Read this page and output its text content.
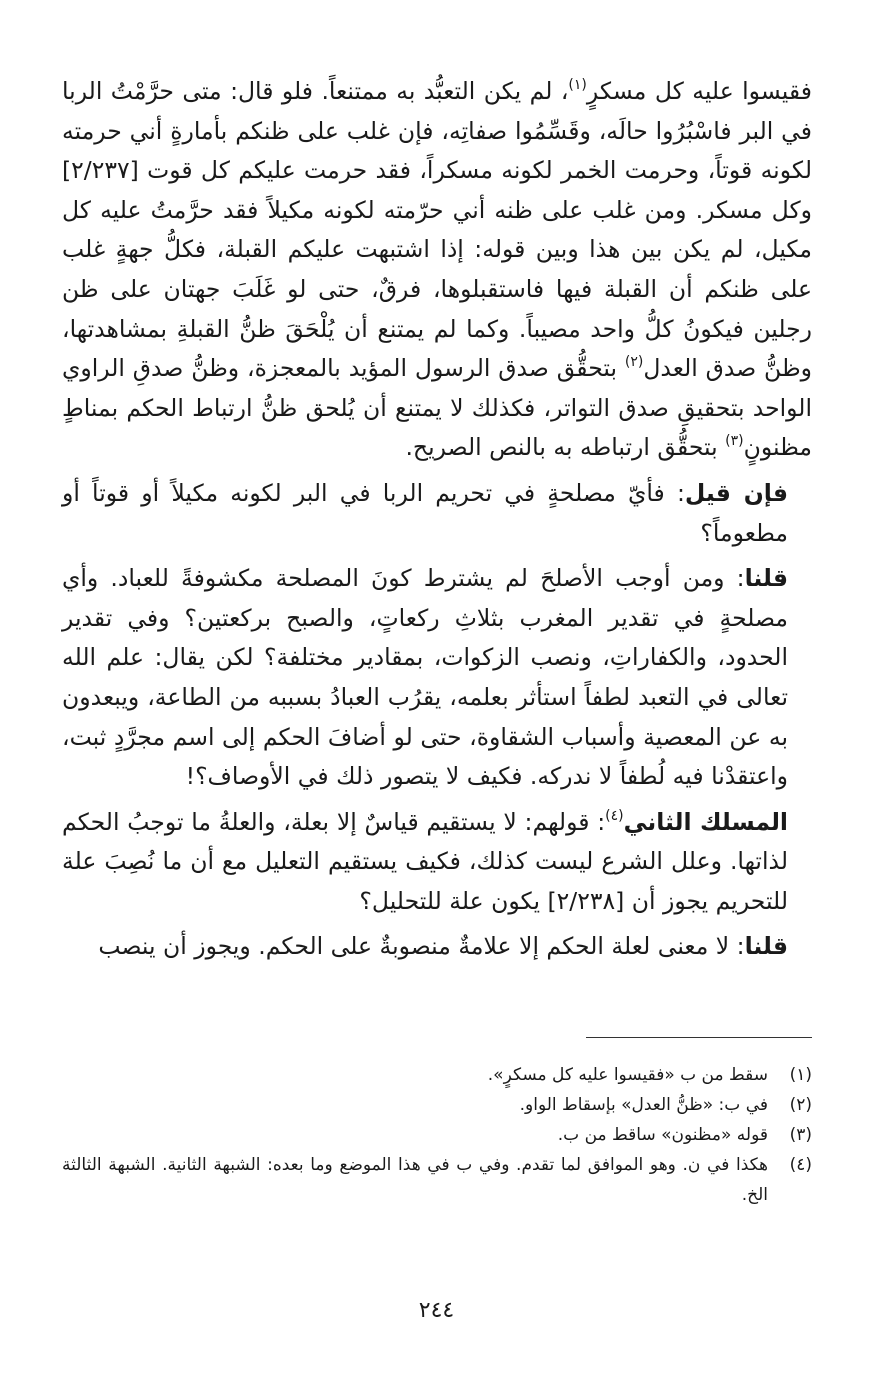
فقيسوا عليه كل مسكرٍ$^{(١)}$، لم يكن التعبُّد به ممتنعاً. فلو قال: متى حرَّمْتُ الربا في البر فاسْبُرُوا حالَه، وقَسِّمُوا صفاتِه، فإن غلب على ظنكم بأمارةٍ أني حرمته لكونه قوتاً، وحرمت الخمر لكونه مسكراً، فقد حرمت عليكم كل قوت [٢/٢٣٧] وكل مسكر. ومن غلب على ظنه أني حرّمته لكونه مكيلاً فقد حرَّمتُ عليه كل مكيل، لم يكن بين هذا وبين قوله: إذا اشتبهت عليكم القبلة، فكلُّ جهةٍ غلب على ظنكم أن القبلة فيها فاستقبلوها، فرقٌ، حتى لو غَلَبَ جهتان على ظن رجلين فيكونُ كلُّ واحد مصيباً. وكما لم يمتنع أن يُلْحَقَ ظنُّ القبلةِ بمشاهدتها، وظنُّ صدق العدل$^{(٢)}$ بتحقُّق صدق الرسول المؤيد بالمعجزة، وظنُّ صدقِ الراوي الواحد بتحقيقِ صدق التواتر، فكذلك لا يمتنع أن يُلحق ظنُّ ارتباط الحكم بمناطٍ مظنونٍ$^{(٣)}$ بتحقُّق ارتباطه به بالنص الصريح.

فإن قيل: فأيّ مصلحةٍ في تحريم الربا في البر لكونه مكيلاً أو قوتاً أو مطعوماً؟

قلنا: ومن أوجب الأصلحَ لم يشترط كونَ المصلحة مكشوفةً للعباد. وأي مصلحةٍ في تقدير المغرب بثلاثِ ركعاتٍ، والصبح بركعتين؟ وفي تقدير الحدود، والكفاراتِ، ونصب الزكوات، بمقادير مختلفة؟ لكن يقال: علم الله تعالى في التعبد لطفاً استأثر بعلمه، يقرُب العبادُ بسببه من الطاعة، ويبعدون به عن المعصية وأسباب الشقاوة، حتى لو أضافَ الحكم إلى اسم مجرَّدٍ ثبت، واعتقدْنا فيه لُطفاً لا ندركه. فكيف لا يتصور ذلك في الأوصاف؟!

المسلك الثاني$^{(٤)}$: قولهم: لا يستقيم قياسٌ إلا بعلة، والعلةُ ما توجبُ الحكم لذاتها. وعلل الشرع ليست كذلك، فكيف يستقيم التعليل مع أن ما نُصِبَ علة للتحريم يجوز أن [٢/٢٣٨] يكون علة للتحليل؟

قلنا: لا معنى لعلة الحكم إلا علامةٌ منصوبةٌ على الحكم. ويجوز أن ينصب

(١)
سقط من ب «فقيسوا عليه كل مسكرٍ».

(٢)
في ب: «ظنُّ العدل» بإسقاط الواو.

(٣)
قوله «مظنون» ساقط من ب.

(٤)
هكذا في ن. وهو الموافق لما تقدم. وفي ب في هذا الموضع وما بعده: الشبهة الثانية. الشبهة الثالثة الخ.

٢٤٤
